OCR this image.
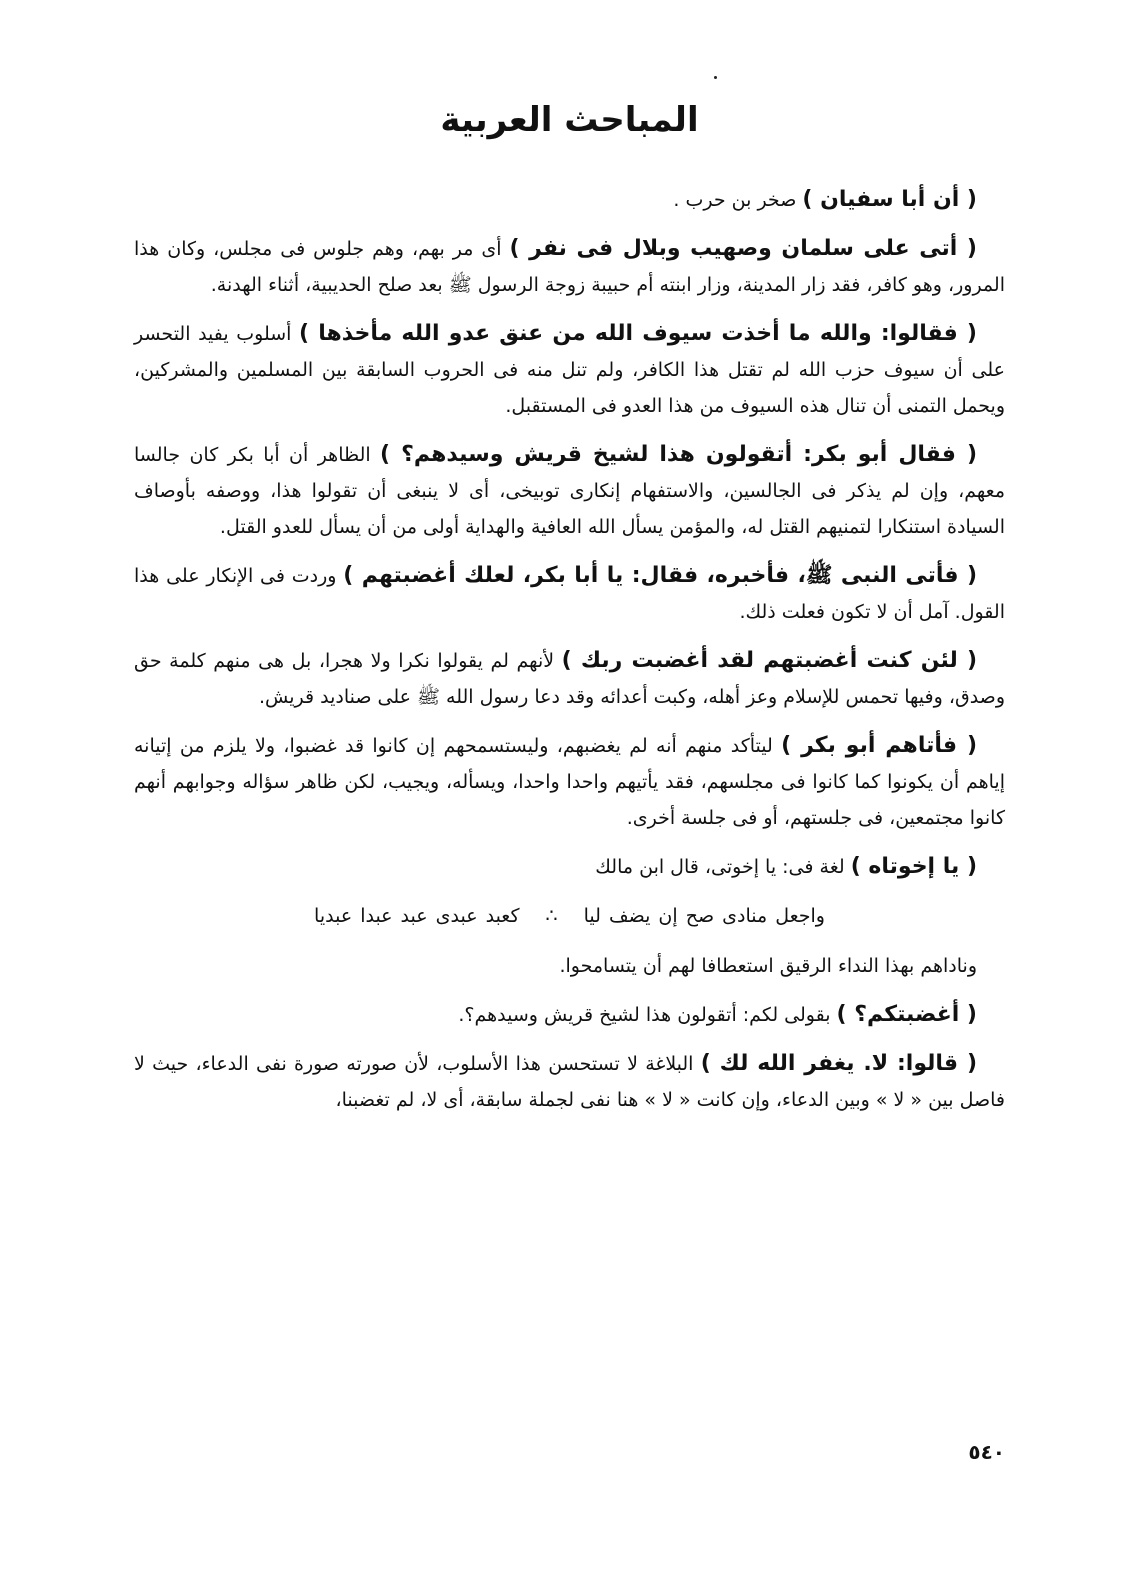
المباحث العربية

( أن أبا سفيان ) صخر بن حرب .

( أتى على سلمان وصهيب وبلال فى نفر ) أى مر بهم، وهم جلوس فى مجلس، وكان هذا المرور، وهو كافر، فقد زار المدينة، وزار ابنته أم حبيبة زوجة الرسول ﷺ بعد صلح الحديبية، أثناء الهدنة.

( فقالوا: والله ما أخذت سيوف الله من عنق عدو الله مأخذها ) أسلوب يفيد التحسر على أن سيوف حزب الله لم تقتل هذا الكافر، ولم تنل منه فى الحروب السابقة بين المسلمين والمشركين، ويحمل التمنى أن تنال هذه السيوف من هذا العدو فى المستقبل.

( فقال أبو بكر: أتقولون هذا لشيخ قريش وسيدهم؟ ) الظاهر أن أبا بكر كان جالسا معهم، وإن لم يذكر فى الجالسين، والاستفهام إنكارى توبيخى، أى لا ينبغى أن تقولوا هذا، ووصفه بأوصاف السيادة استنكارا لتمنيهم القتل له، والمؤمن يسأل الله العافية والهداية أولى من أن يسأل للعدو القتل.

( فأتى النبى ﷺ، فأخبره، فقال: يا أبا بكر، لعلك أغضبتهم ) وردت فى الإنكار على هذا القول. آمل أن لا تكون فعلت ذلك.

( لئن كنت أغضبتهم لقد أغضبت ربك ) لأنهم لم يقولوا نكرا ولا هجرا، بل هى منهم كلمة حق وصدق، وفيها تحمس للإسلام وعز أهله، وكبت أعدائه وقد دعا رسول الله ﷺ على صناديد قريش.

( فأتاهم أبو بكر ) ليتأكد منهم أنه لم يغضبهم، وليستسمحهم إن كانوا قد غضبوا، ولا يلزم من إتيانه إياهم أن يكونوا كما كانوا فى مجلسهم، فقد يأتيهم واحدا واحدا، ويسأله، ويجيب، لكن ظاهر سؤاله وجوابهم أنهم كانوا مجتمعين، فى جلستهم، أو فى جلسة أخرى.

( يا إخوتاه ) لغة فى: يا إخوتى، قال ابن مالك

واجعل منادى صح إن يضف ليا∴كعبد عبدى عبد عبدا عبديا

وناداهم بهذا النداء الرقيق استعطافا لهم أن يتسامحوا.

( أغضبتكم؟ ) بقولى لكم: أتقولون هذا لشيخ قريش وسيدهم؟.

( قالوا: لا. يغفر الله لك ) البلاغة لا تستحسن هذا الأسلوب، لأن صورته صورة نفى الدعاء، حيث لا فاصل بين « لا » وبين الدعاء، وإن كانت « لا » هنا نفى لجملة سابقة، أى لا، لم تغضبنا،

٥٤٠
